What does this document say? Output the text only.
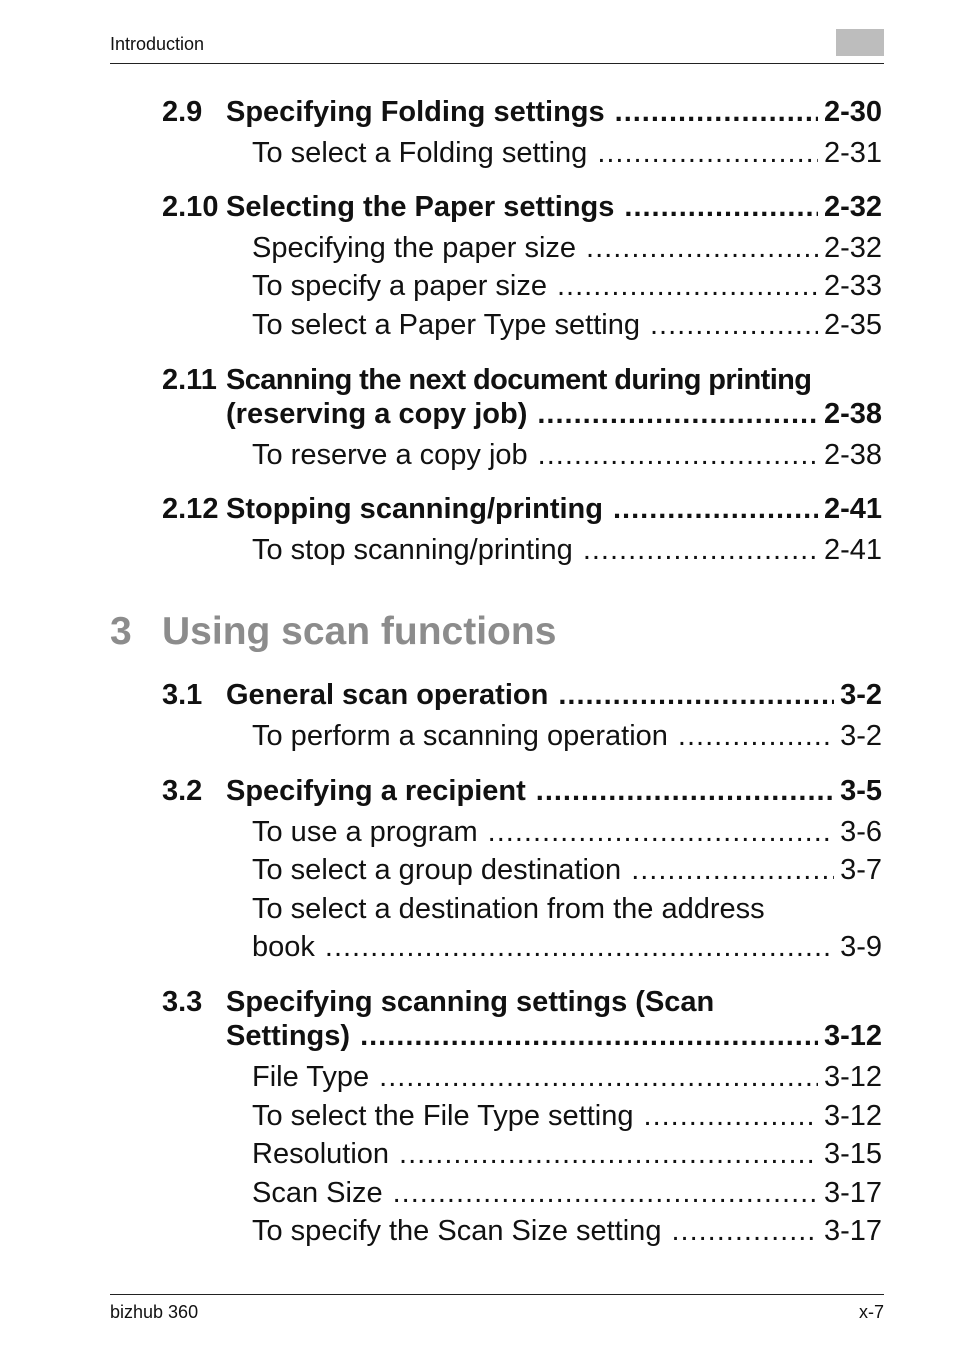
Introduction
2.9 Specifying Folding settings .....	2-30
To select a Folding setting .....	2-31
2.10 Selecting the Paper settings .....	2-32
Specifying the paper size .....	2-32
To specify a paper size .....	2-33
To select a Paper Type setting .....	2-35
2.11 Scanning the next document during printing
(reserving a copy job) .....	2-38
To reserve a copy job .....	2-38
2.12 Stopping scanning/printing .....	2-41
To stop scanning/printing .....	2-41
3 Using scan functions
3.1 General scan operation .....	3-2
To perform a scanning operation .....	3-2
3.2 Specifying a recipient .....	3-5
To use a program .....	3-6
To select a group destination .....	3-7
To select a destination from the address
book .....	3-9
3.3 Specifying scanning settings (Scan
Settings) .....	3-12
File Type .....	3-12
To select the File Type setting .....	3-12
Resolution .....	3-15
Scan Size .....	3-17
To specify the Scan Size setting .....	3-17
bizhub 360	x-7
